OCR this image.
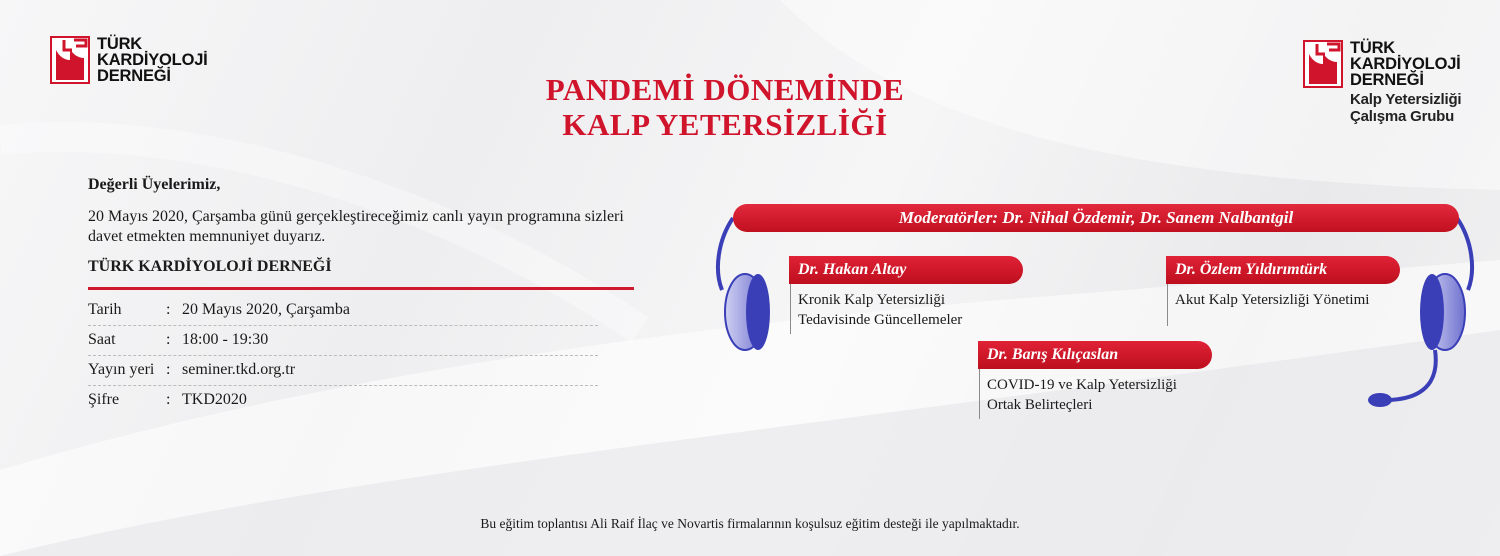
TÜRK
KARDİYOLOJİ
DERNEĞİ
TÜRK
KARDİYOLOJİ
DERNEĞİ
Kalp Yetersizliği
Çalışma Grubu
PANDEMİ DÖNEMİNDE
KALP YETERSİZLİĞİ
Değerli Üyelerimiz,
20 Mayıs 2020, Çarşamba günü gerçekleştireceğimiz canlı yayın programına sizleri davet etmekten memnuniyet duyarız.
TÜRK KARDİYOLOJİ DERNEĞİ
Tarih	: 20 Mayıs 2020, Çarşamba
Saat	: 18:00 - 19:30
Yayın yeri : seminer.tkd.org.tr
Şifre	: TKD2020
Moderatörler: Dr. Nihal Özdemir, Dr. Sanem Nalbantgil
Dr. Hakan Altay
Kronik Kalp Yetersizliği
Tedavisinde Güncellemeler
Dr. Özlem Yıldırımtürk
Akut Kalp Yetersizliği Yönetimi
Dr. Barış Kılıçaslan
COVID-19 ve Kalp Yetersizliği
Ortak Belirteçleri
Bu eğitim toplantısı Ali Raif İlaç ve Novartis firmalarının koşulsuz eğitim desteği ile yapılmaktadır.
